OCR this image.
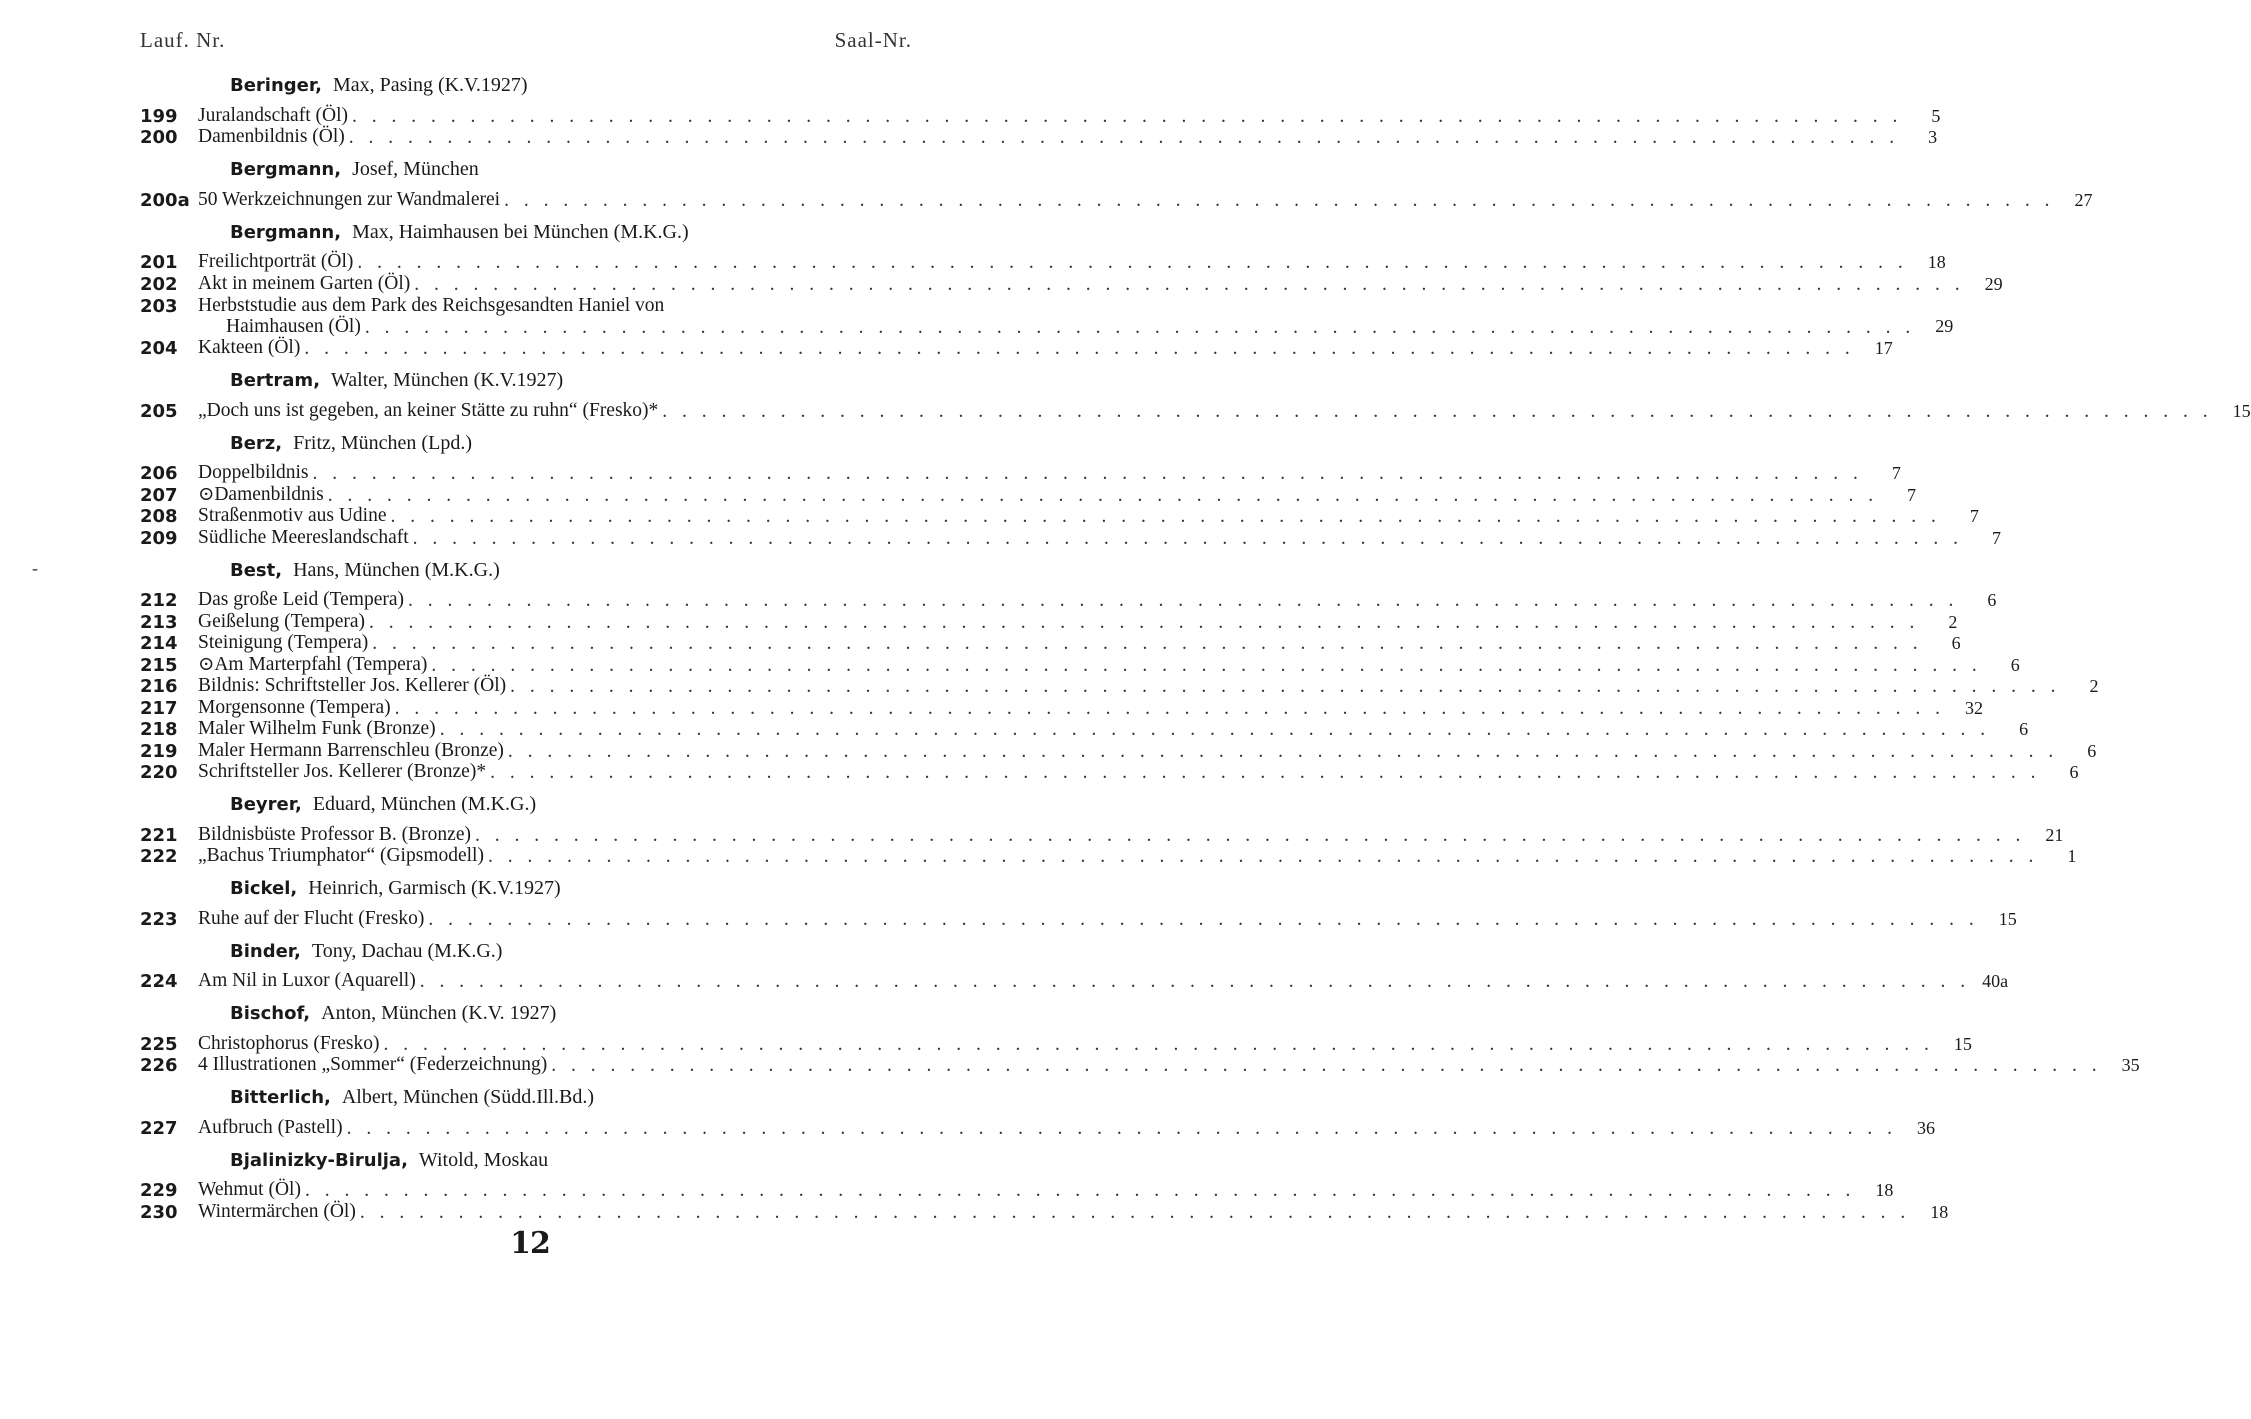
Lauf. Nr.	Saal-Nr.
-
Beringer, Max, Pasing (K.V.1927)
199	Juralandschaft (Öl) . . .	5
200	Damenbildnis (Öl) . . .	3
Bergmann, Josef, München
200a 50 Werkzeichnungen zur Wandmalerei . . .	27
Bergmann, Max, Haimhausen bei München (M.K.G.)
201	Freilichtporträt (Öl) . . .	18
202	Akt in meinem Garten (Öl) . . .	29
203	Herbststudie aus dem Park des Reichsgesandten Haniel von
Haimhausen (Öl) . . .	29
204	Kakteen (Öl) . . .	17
Bertram, Walter, München (K.V.1927)
205	„Doch uns ist gegeben, an keiner Stätte zu ruhn“ (Fresko)* . . .	15
Berz, Fritz, München (Lpd.)
206	Doppelbildnis . . .	7
207	⊙Damenbildnis . . .	7
208	Straßenmotiv aus Udine . . .	7
209	Südliche Meereslandschaft . . .	7
Best, Hans, München (M.K.G.)
212	Das große Leid (Tempera) . . .	6
213	Geißelung (Tempera) . . .	2
214	Steinigung (Tempera) . . .	6
215	⊙Am Marterpfahl (Tempera) . . .	6
216	Bildnis: Schriftsteller Jos. Kellerer (Öl) . . .	2
217	Morgensonne (Tempera) . . .	32
218	Maler Wilhelm Funk (Bronze) . . .	6
219	Maler Hermann Barrenschleu (Bronze) . . .	6
220	Schriftsteller Jos. Kellerer (Bronze)* . . .	6
Beyrer, Eduard, München (M.K.G.)
221	Bildnisbüste Professor B. (Bronze) . . .	21
222	„Bachus Triumphator“ (Gipsmodell) . . .	1
Bickel, Heinrich, Garmisch (K.V.1927)
223	Ruhe auf der Flucht (Fresko) . . .	15
Binder, Tony, Dachau (M.K.G.)
224	Am Nil in Luxor (Aquarell) . . .	40a
Bischof, Anton, München (K.V. 1927)
225	Christophorus (Fresko) . . .	15
226	4 Illustrationen „Sommer“ (Federzeichnung) . . .	35
Bitterlich, Albert, München (Südd.Ill.Bd.)
227	Aufbruch (Pastell) . . .	36
Bjalinizky-Birulja, Witold, Moskau
229	Wehmut (Öl) . . .	18
230	Wintermärchen (Öl) . . .	18
12
